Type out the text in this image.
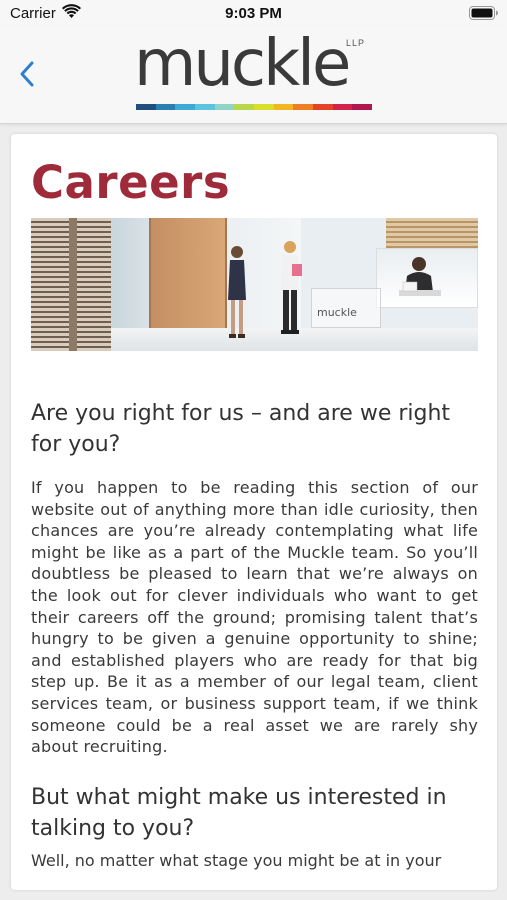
Carrier	9:03 PM
muckle
LLP
Careers
muckle
Are you right for us – and are we right for you?

If you happen to be reading this section of our website out of anything more than idle curiosity, then chances are you’re already contemplating what life might be like as a part of the Muckle team. So you’ll doubtless be pleased to learn that we’re always on the look out for clever individuals who want to get their careers off the ground; promising talent that’s hungry to be given a genuine opportunity to shine; and established players who are ready for that big step up. Be it as a member of our legal team, client services team, or business support team, if we think someone could be a real asset we are rarely shy about recruiting.

But what might make us interested in talking to you?
Well, no matter what stage you might be at in your
